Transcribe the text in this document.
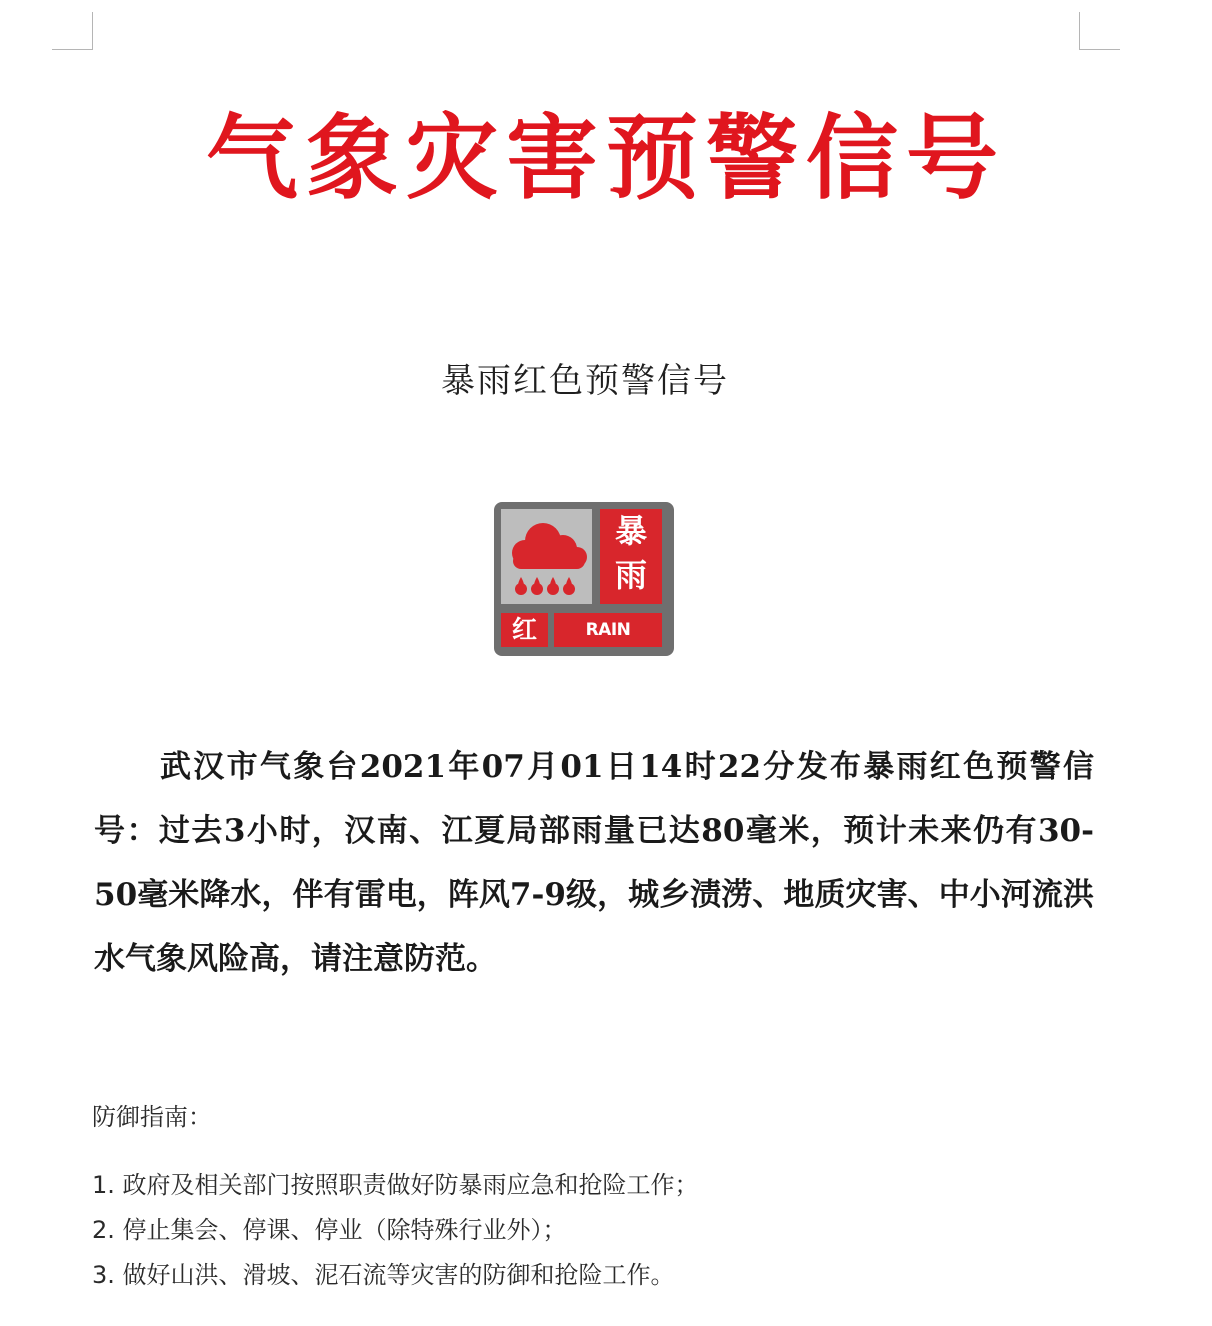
气象灾害预警信号
暴雨红色预警信号
暴
雨
红	RAIN STORM

武汉市气象台2021年07月01日14时22分发布暴雨红色预警信号：过去3小时，汉南、江夏局部雨量已达80毫米，预计未来仍有30-50毫米降水，伴有雷电，阵风7-9级，城乡渍涝、地质灾害、中小河流洪水气象风险高，请注意防范。

防御指南：
1. 政府及相关部门按照职责做好防暴雨应急和抢险工作；
2. 停止集会、停课、停业（除特殊行业外）；
3. 做好山洪、滑坡、泥石流等灾害的防御和抢险工作。
